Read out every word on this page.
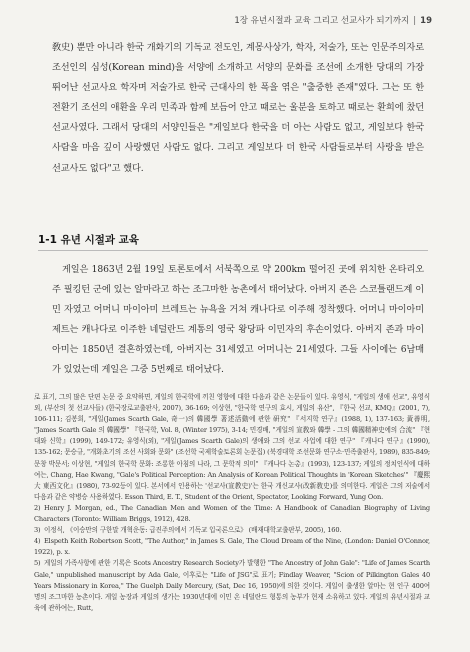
1장 유년시절과 교육 그리고 선교사가 되기까지 | 19

敎史) 뿐만 아니라 한국 개화기의 기독교 전도인, 계몽사상가, 학자, 저술가, 또는 인문주의자로 조선인의 심성(Korean mind)을 서양에 소개하고 서양의 문화를 조선에 소개한 당대의 가장 뛰어난 선교사요 학자며 저술가로 한국 근대사의 한 폭을 엮은 "출중한 존재"였다. 그는 또 한 전환기 조선의 애환을 우리 민족과 함께 보듬어 안고 때로는 울분을 토하고 때로는 환희에 찼던 선교사였다. 그래서 당대의 서양인들은 "게일보다 한국을 더 아는 사람도 없고, 게일보다 한국 사람을 마음 깊이 사랑했던 사람도 없다. 그리고 게일보다 더 한국 사람들로부터 사랑을 받은 선교사도 없다"고 했다.

1-1 유년 시절과 교육

게일은 1863년 2월 19일 토론토에서 서북쪽으로 약 200km 떨어진 곳에 위치한 온타리오 주 필킹턴 군에 있는 알마라고 하는 조그마한 농촌에서 태어났다. 아버지 존은 스코틀랜드계 이민 자였고 어머니 마이아미 브레트는 뉴욕을 거쳐 캐나다로 이주해 정착했다. 어머니 마이아미 제트는 캐나다로 이주한 네덜란드 계통의 영국 왕당파 이민자의 후손이었다. 아버지 존과 마이아미는 1850년 결혼하였는데, 아버지는 31세였고 어머니는 21세였다. 그들 사이에는 6남매가 있었는데 게일은 그중 5번째로 태어났다.

로 표기, 그의 많은 단편 논문 중 요약하면, 게일의 한국학에 끼친 영향에 대한 다음과 같은 논문들이 있다. 유영식, "게일의 생애 선교", 유영식 외, (부산의 첫 선교사들) (한국장로교출판사, 2007), 36-169; 이상현, "한국학 연구의 효시, 게일의 유산", 『한국 선교, KMQ』(2001, 7), 106-111; 김봉희, "게일(James Scarth Gale, 奇一)의 韓國學 著述活動에 관한 研究" 『서지학 연구』(1988, 1), 137-163; 黃善明, "James Scarth Gale 의 韓國學" 『한국학, Vol. 8, (Winter 1975), 3-14; 민경배, "게일의 宣敎와 韓學 - 그의 韓國精神史에의 合流" 『현대와 신학』(1999), 149-172; 유영식(외), "게일(James Scarth Gale)의 생애와 그의 선교 사업에 대한 연구" 『캐나다 연구』(1990), 135-162; 문승규, "개화초기의 조선 사회와 문화" (조선학 국제학술토론회 논문집) (북경대학 조선문화 연구소·민족출판사, 1989), 835-849; 문창 박문서; 이상현, "게일의 한국학 문화: 조롱한 아침의 나라, 그 문학적 의미" 『캐나다 논총』(1993), 123-137; 게일의 정치인식에 대하여는, Chang, Hae Kwang, "Gale's Political Perception: An Analysis of Korean Political Thoughts in 'Korean Sketches'" 『慶熙大 東西文化』(1980), 73-92등이 있다. 본서에서 인용하는 '선교사(宣教史)'는 한국 개신교사(改新敎史)를 의미한다. 게일은 그의 저술에서 다음과 같은 약병승 사용하였다. Esson Third, E. T., Student of the Orient, Spectator, Looking Forward, Yung Oon.

2) Henry J. Morgan, ed., The Canadian Men and Women of the Time: A Handbook of Canadian Biography of Living Characters (Toronto: William Briggs, 1912), 428.

3) 이정식, 《이승만의 구한말 개혁운동: 급진주의에서 기독교 입국론으로》 (배재대학교출판부, 2005), 160.

4) Elspeth Keith Robertson Scott, "The Author," in James S. Gale, The Cloud Dream of the Nine, (London: Daniel O'Connor, 1922), p. x.

5) 게일의 가족사항에 관한 기록은 Scots Ancestry Research Society가 발행한 "The Ancestry of John Gale": "Life of James Scarth Gale," unpublished manuscript by Ada Gale, 이후로는 "Life of JSG"로 표기; Findlay Weaver, "Scion of Pilkington Gales 40 Years Missionary in Korea," The Guelph Daily Mercury, (Sat, Dec 16, 1950)에 의한 것이다. 게일이 출생한 알마는 현 인구 400여 명의 조그마한 농촌이다. 게일 농장과 게일의 생가는 1930년대에 이민 온 네덜란드 형통의 농부가 현재 소유하고 있다. 게일의 유년시절과 교육에 관하여는, Rutt,
